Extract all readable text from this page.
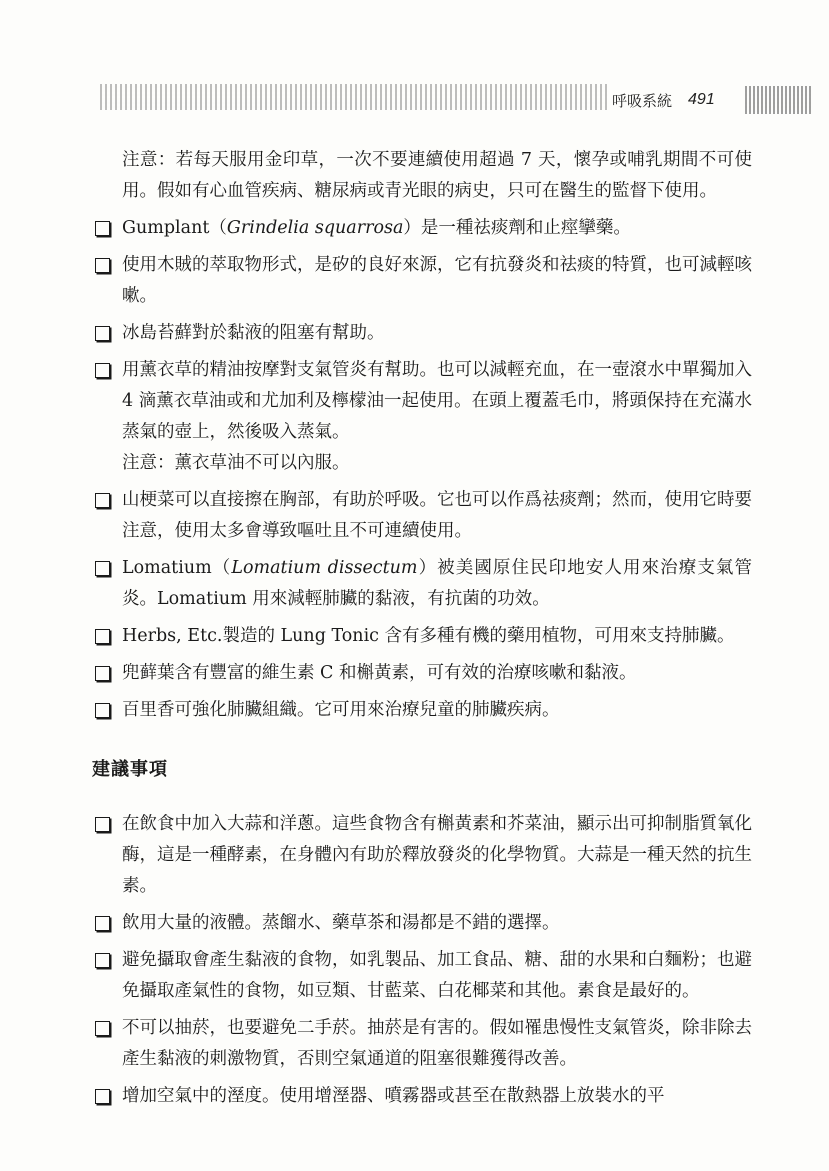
呼吸系統 491

注意：若每天服用金印草，一次不要連續使用超過 7 天，懷孕或哺乳期間不可使用。假如有心血管疾病、糖尿病或青光眼的病史，只可在醫生的監督下使用。

Gumplant（Grindelia squarrosa）是一種祛痰劑和止痙攣藥。
使用木賊的萃取物形式，是矽的良好來源，它有抗發炎和祛痰的特質，也可減輕咳嗽。
冰島苔蘚對於黏液的阻塞有幫助。
用薰衣草的精油按摩對支氣管炎有幫助。也可以減輕充血，在一壺滾水中單獨加入 4 滴薰衣草油或和尤加利及檸檬油一起使用。在頭上覆蓋毛巾，將頭保持在充滿水蒸氣的壺上，然後吸入蒸氣。
注意：薰衣草油不可以內服。
山梗菜可以直接擦在胸部，有助於呼吸。它也可以作爲祛痰劑；然而，使用它時要注意，使用太多會導致嘔吐且不可連續使用。
Lomatium（Lomatium dissectum）被美國原住民印地安人用來治療支氣管炎。Lomatium 用來減輕肺臟的黏液，有抗菌的功效。
Herbs, Etc.製造的 Lung Tonic 含有多種有機的藥用植物，可用來支持肺臟。
兜藓葉含有豐富的維生素 C 和槲黃素，可有效的治療咳嗽和黏液。
百里香可強化肺臟組織。它可用來治療兒童的肺臟疾病。
建議事項
在飲食中加入大蒜和洋蔥。這些食物含有槲黃素和芥菜油，顯示出可抑制脂質氧化酶，這是一種酵素，在身體內有助於釋放發炎的化學物質。大蒜是一種天然的抗生素。
飲用大量的液體。蒸餾水、藥草茶和湯都是不錯的選擇。
避免攝取會產生黏液的食物，如乳製品、加工食品、糖、甜的水果和白麵粉；也避免攝取產氣性的食物，如豆類、甘藍菜、白花椰菜和其他。素食是最好的。
不可以抽菸，也要避免二手菸。抽菸是有害的。假如罹患慢性支氣管炎，除非除去產生黏液的刺激物質，否則空氣通道的阻塞很難獲得改善。
增加空氣中的溼度。使用增溼器、噴霧器或甚至在散熱器上放裝水的平
